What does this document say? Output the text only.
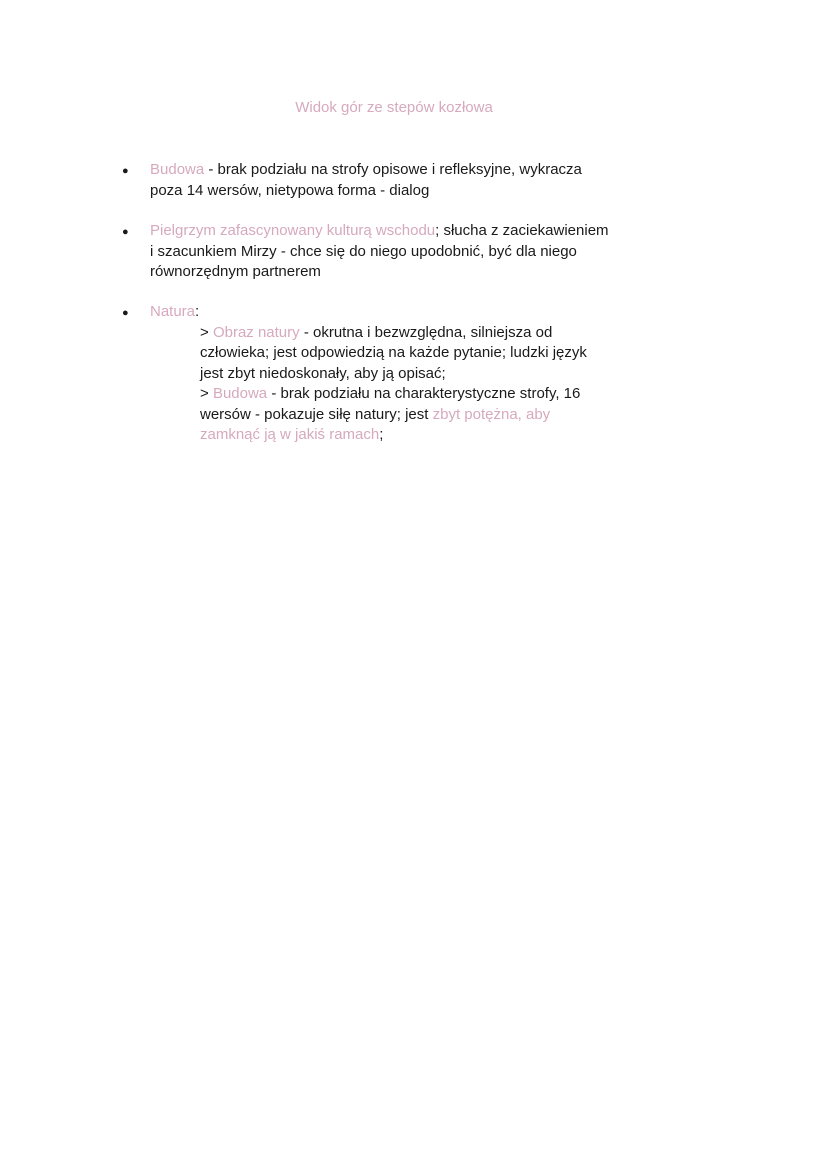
Widok gór ze stepów kozłowa
●
Budowa - brak podziału na strofy opisowe i refleksyjne, wykracza poza 14 wersów, nietypowa forma - dialog
●
Pielgrzym zafascynowany kulturą wschodu; słucha z zaciekawieniem i szacunkiem Mirzy - chce się do niego upodobnić, być dla niego równorzędnym partnerem
●
Natura:
> Obraz natury - okrutna i bezwzględna, silniejsza od człowieka; jest odpowiedzią na każde pytanie; ludzki język jest zbyt niedoskonały, aby ją opisać;
> Budowa - brak podziału na charakterystyczne strofy, 16 wersów - pokazuje siłę natury; jest zbyt potężna, aby zamknąć ją w jakiś ramach;
